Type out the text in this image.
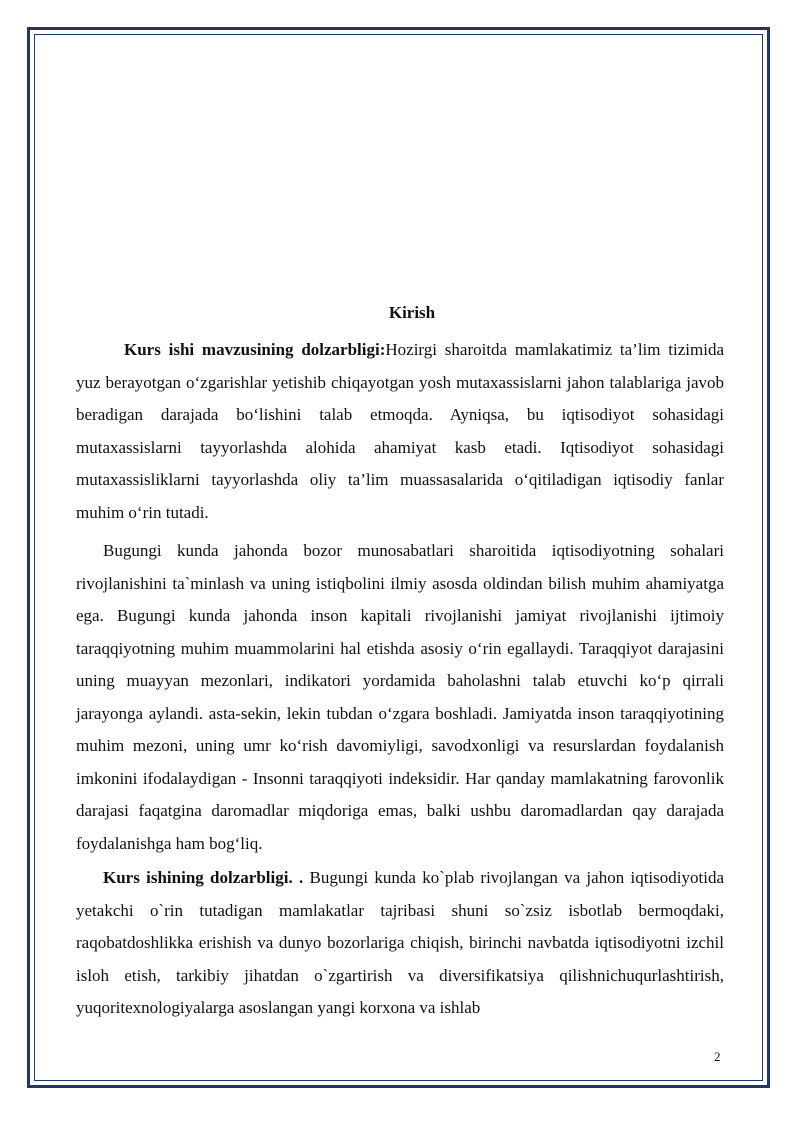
Kirish

Kurs ishi mavzusining dolzarbligi:Hozirgi sharoitda mamlakatimiz ta’lim tizimida yuz berayotgan o‘zgarishlar yetishib chiqayotgan yosh mutaxassislarni jahon talablariga javob beradigan darajada bo‘lishini talab etmoqda. Ayniqsa, bu iqtisodiyot sohasidagi mutaxassislarni tayyorlashda alohida ahamiyat kasb etadi. Iqtisodiyot sohasidagi mutaxassisliklarni tayyorlashda oliy ta’lim muassasalarida o‘qitiladigan iqtisodiy fanlar muhim o‘rin tutadi.

Bugungi kunda jahonda bozor munosabatlari sharoitida iqtisodiyotning sohalari rivojlanishini ta`minlash va uning istiqbolini ilmiy asosda oldindan bilish muhim ahamiyatga ega. Bugungi kunda jahonda inson kapitali rivojlanishi jamiyat rivojlanishi ijtimoiy taraqqiyotning muhim muammolarini hal etishda asosiy o‘rin egallaydi. Taraqqiyot darajasini uning muayyan mezonlari, indikatori yordamida baholashni talab etuvchi ko‘p qirrali jarayonga aylandi. asta-sekin, lekin tubdan o‘zgara boshladi. Jamiyatda inson taraqqiyotining muhim mezoni, uning umr ko‘rish davomiyligi, savodxonligi va resurslardan foydalanish imkonini ifodalaydigan - Insonni taraqqiyoti indeksidir. Har qanday mamlakatning farovonlik darajasi faqatgina daromadlar miqdoriga emas, balki ushbu daromadlardan qay darajada foydalanishga ham bog‘liq.

Kurs ishining dolzarbligi. . Bugungi kunda ko`plab rivojlangan va jahon iqtisodiyotida yetakchi o`rin tutadigan mamlakatlar tajribasi shuni so`zsiz isbotlab bermoqdaki, raqobatdoshlikka erishish va dunyo bozorlariga chiqish, birinchi navbatda iqtisodiyotni izchil isloh etish, tarkibiy jihatdan o`zgartirish va diversifikatsiya qilishnichuqurlashtirish, yuqoritexnologiyalarga asoslangan yangi korxona va ishlab

2
